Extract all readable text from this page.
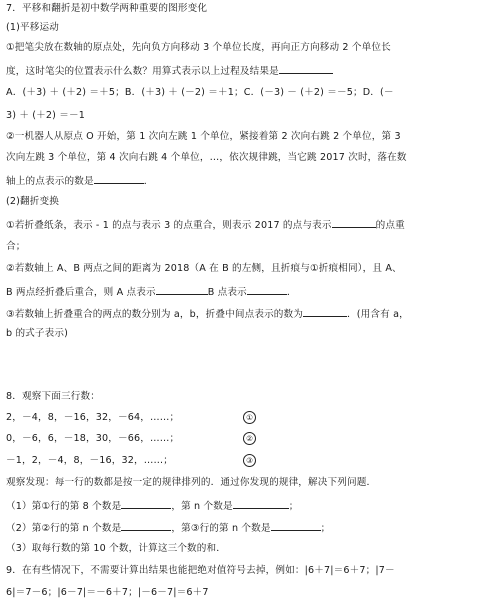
7．平移和翻折是初中数学两种重要的图形变化
(1)平移运动
①把笔尖放在数轴的原点处，先向负方向移动 3 个单位长度，再向正方向移动 2 个单位长
度，这时笔尖的位置表示什么数？用算式表示以上过程及结果是
A．(＋3) ＋ (＋2) ＝＋5；B．(＋3) ＋ (－2) ＝＋1；C．(－3) － (＋2) ＝－5；D．(－
3) ＋ (＋2) ＝－1
②一机器人从原点 O 开始，第 1 次向左跳 1 个单位，紧接着第 2 次向右跳 2 个单位，第 3
次向左跳 3 个单位，第 4 次向右跳 4 个单位，…，依次规律跳，当它跳 2017 次时，落在数
轴上的点表示的数是	．
(2)翻折变换
①若折叠纸条，表示 - 1 的点与表示 3 的点重合，则表示 2017 的点与表示	的点重
合；
②若数轴上 A、B 两点之间的距离为 2018（A 在 B 的左侧，且折痕与①折痕相同），且 A、
B 两点经折叠后重合，则 A 点表示	B 点表示	．
③若数轴上折叠重合的两点的数分别为 a，b，折叠中间点表示的数为	．(用含有 a，
b 的式子表示)
8．观察下面三行数：
2，－4，8，－16，32，－64，……；	①
0，－6，6，－18，30，－66，……；	②
－1，2，－4，8，－16，32，……；	③
观察发现：每一行的数都是按一定的规律排列的．通过你发现的规律，解决下列问题．
（1）第①行的第 8 个数是	，第 n 个数是	；
（2）第②行的第 n 个数是	，第③行的第 n 个数是	；
（3）取每行数的第 10 个数，计算这三个数的和．
9．在有些情况下，不需要计算出结果也能把绝对值符号去掉，例如：|6＋7|＝6＋7；|7－
6|＝7－6；|6－7|＝－6＋7；|－6－7|＝6＋7
